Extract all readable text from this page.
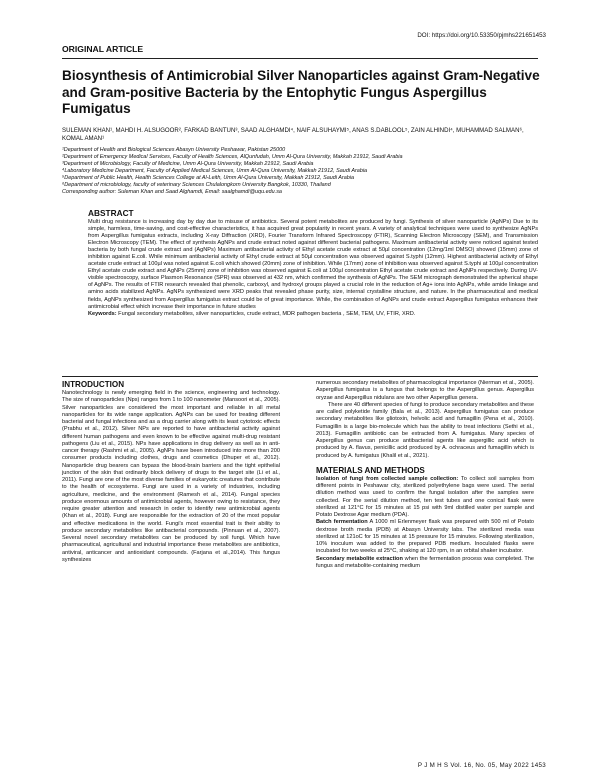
DOI: https://doi.org/10.53350/pjmhs221651453
ORIGINAL ARTICLE
Biosynthesis of Antimicrobial Silver Nanoparticles against Gram-Negative and Gram-positive Bacteria by the Entophytic Fungus Aspergillus Fumigatus
SULEMAN KHAN¹, MAHDI H. ALSUGOOR², FARKAD BANTUN³, SAAD ALGHAMDI⁴, NAIF ALSUHAYMI⁵, ANAS S.DABLOOL⁵, ZAIN ALHINDI⁴, MUHAMMAD SALMAN⁶, KOMAL AMAN¹
¹Department of Health and Biological Sciences Abasyn University Peshawar, Pakistan 25000
²Department of Emergency Medical Services, Faculty of Health Sciences, AlQunfudah, Umm Al-Qura University, Makkah 21912, Saudi Arabia
³Department of Microbiology, Faculty of Medicine, Umm Al-Qura University, Makkah 21912, Saudi Arabia
⁴Laboratory Medicine Department, Faculty of Applied Medical Sciences, Umm Al-Qura University, Makkah 21912, Saudi Arabia
⁵Department of Public Health, Health Sciences College at Al-Leith, Umm Al-Qura University, Makkah 21912, Saudi Arabia
⁶Department of microbiology, faculty of veterinary Sciences Chulalongkorn University Bangkok, 10330, Thailand
Corresponding author: Suleman Khan and Saad Alghamdi, Email: saalghamdi@uqu.edu.sa
ABSTRACT

Multi drug resistance is increasing day by day due to misuse of antibiotics. Several potent metabolites are produced by fungi. Synthesis of silver nanoparticle (AgNPs) Due to its simple, harmless, time-saving, and cost-effective characteristics, it has acquired great popularity in recent years. A variety of analytical techniques were used to synthesize AgNPs from Aspergillus fumigatus extracts, including X-ray Diffraction (XRD), Fourier Transform Infrared Spectroscopy (FTIR), Scanning Electron Microscopy (SEM), and Transmission Electron Microscopy (TEM). The effect of synthesis AgNPs and crude extract noted against different bacterial pathogens. Maximum antibacterial activity were noticed against tested bacteria by both fungal crude extract and (AgNPs) Maximum antibacterial activity of Ethyl acetate crude extract at 50µl concentration (12mg/1ml DMSO) showed (15mm) zone of inhibition against E.coli. While minimum antibacterial activity of Ethyl crude extract at 50µl concentration was observed against S.typhi (12mm). Highest antibacterial activity of Ethyl acetate crude extract at 100µl was noted against E.coli which showed (20mm) zone of inhibition. While (17mm) zone of inhibition was observed against S.typhi at 100µl concentration Ethyl acetate crude extract and AgNPs (25mm) zone of inhibition was observed against E.coli at 100µl concentration Ethyl acetate crude extract and AgNPs respectively. During UV-visible spectroscopy, surface Plasmon Resonance (SPR) was observed at 432 nm, which confirmed the synthesis of AgNPs. The SEM micrograph demonstrated the spherical shape of AgNPs. The results of FTIR research revealed that phenolic, carboxyl, and hydroxyl groups played a crucial role in the reduction of Ag+ ions into AgNPs, while amide linkage and amino acids stabilized AgNPs. AgNPs synthesized were XRD peaks that revealed phase purity, size, internal crystalline structure, and nature. In the pharmaceutical and medical fields, AgNPs synthesized from Aspergillus fumigatus extract could be of great importance. While, the combination of AgNPs and crude extract Aspergillus fumigatus enhances their antimicrobial effect which increase their importance in future studies

Keywords: Fungal secondary metabolites, silver nanoparticles, crude extract, MDR pathogen bacteria , SEM, TEM, UV, FTIR, XRD.

INTRODUCTION

Nanotechnology is newly emerging field in the science, engineering and technology. The size of nanoparticles (Nps) ranges from 1 to 100 nanometer (Mansoori et al., 2005). Silver nanoparticles are considered the most important and reliable in all metal nanoparticles for its wide range application. AgNPs can be used for treating different bacterial and fungal infections and as a drug carrier along with its least cytotoxic effects (Prabhu et al., 2012). Silver NPs are reported to have antibacterial activity against different human pathogens and even known to be effective against multi-drug resistant pathogens (Liu et al., 2015). NPs have applications in drug delivery as well as in anti-cancer therapy (Rashmi et al., 2005). AgNPs have been introduced into more than 200 consumer products including clothes, drugs and cosmetics (Dhuper et al., 2012). Nanoparticle drug bearers can bypass the blood-brain barriers and the tight epithelial junction of the skin that ordinarily block delivery of drugs to the target site (Li et al., 2011). Fungi are one of the most diverse families of eukaryotic creatures that contribute to the health of ecosystems. Fungi are used in a variety of industries, including agriculture, medicine, and the environment (Ramesh et al., 2014). Fungal species produce enormous amounts of antimicrobial agents, however owing to resistance, they require greater attention and research in order to identify new antimicrobial agents (Khan et al., 2018). Fungi are responsible for the extraction of 20 of the most popular and effective medications in the world. Fungi's most essential trait is their ability to produce secondary metabolites like antibacterial compounds. (Pinnuan et al., 2007). Several novel secondary metabolites can be produced by soil fungi. Which have pharmaceutical, agricultural and industrial importance these metabolites are antibiotics, antiviral, anticancer and antioxidant compounds. (Farjana et al.,2014). This fungus synthesizes

numerous secondary metabolites of pharmacological importance (Nierman et al., 2005). Aspergillus fumigatus is a fungus that belongs to the Aspergillus genus. Aspergillus oryzae and Aspergillus nidulans are two other Aspergillus genera.

There are 40 different species of fungi to produce secondary metabolites and these are called polyketide family (Bala et al., 2013). Aspergillus fumigatus can produce secondary metabolites like gliotoxin, helvolic acid and fumagillin (Pena et al., 2010). Fumagillin is a large bio-molecule which has the ability to treat infections (Sethi et al., 2013). Fumagillin antibiotic can be extracted from A. fumigatus. Many species of Aspergillus genus can produce antibacterial agents like aspergillic acid which is produced by A. flavus, penicillic acid produced by A. ochraceus and fumagillin which is produced by A. fumigatus (Khalil et al., 2021).

MATERIALS AND METHODS

Isolation of fungi from collected sample collection: To collect soil samples from different points in Peshawar city, sterilized polyethylene bags were used. The serial dilution method was used to confirm the fungal isolation after the samples were collected. For the serial dilution method, ten test tubes and one conical flask were sterilized at 121°C for 15 minutes at 15 psi with 9ml distilled water per sample and Potato Dextrose Agar medium (PDA).

Batch fermentation A 1000 ml Erlenmeyer flask was prepared with 500 ml of Potato dextrose broth media (PDB) at Abasyn University labs. The sterilized media was sterilized at 121oC for 15 minutes at 15 pressure for 15 minutes. Following sterilization, 10% inoculum was added to the prepared PDB medium. Inoculated flasks were incubated for two weeks at 25°C, shaking at 120 rpm, in an orbital shaker incubator.

Secondary metabolite extraction when the fermentation process was completed. The fungus and metabolite-containing medium

P J M H S Vol. 16, No. 05, May 2022 1453
